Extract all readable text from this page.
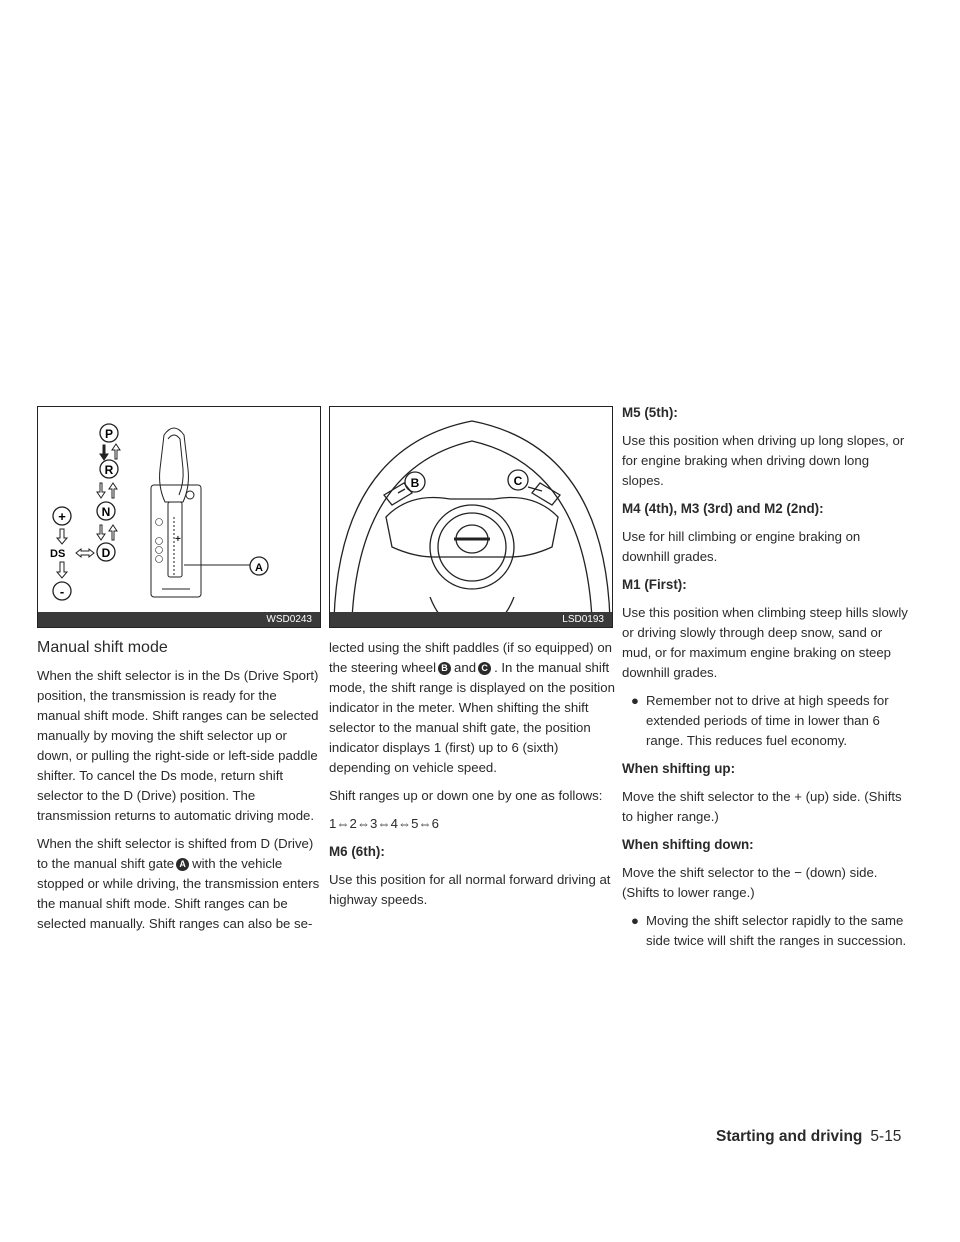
P
R
N
D
+
-
DS
A
+
WSD0243
Manual shift mode

When the shift selector is in the Ds (Drive Sport) position, the transmission is ready for the manual shift mode. Shift ranges can be selected manually by moving the shift selector up or down, or pulling the right-side or left-side paddle shifter. To cancel the Ds mode, return shift selector to the D (Drive) position. The transmission returns to automatic driving mode.

When the shift selector is shifted from D (Drive) to the manual shift gate A with the vehicle stopped or while driving, the transmission enters the manual shift mode. Shift ranges can be selected manually. Shift ranges can also be se-

B	C
LSD0193

lected using the shift paddles (if so equipped) on the steering wheel B and C . In the manual shift mode, the shift range is displayed on the position indicator in the meter. When shifting the shift selector to the manual shift gate, the position indicator displays 1 (first) up to 6 (sixth) depending on vehicle speed.

Shift ranges up or down one by one as follows:

1⇔2⇔3⇔4⇔5⇔6

M6 (6th):

Use this position for all normal forward driving at highway speeds.

M5 (5th):

Use this position when driving up long slopes, or for engine braking when driving down long slopes.

M4 (4th), M3 (3rd) and M2 (2nd):

Use for hill climbing or engine braking on downhill grades.

M1 (First):

Use this position when climbing steep hills slowly or driving slowly through deep snow, sand or mud, or for maximum engine braking on steep downhill grades.

● Remember not to drive at high speeds for extended periods of time in lower than 6 range. This reduces fuel economy.
When shifting up:

Move the shift selector to the + (up) side. (Shifts to higher range.)

When shifting down:

Move the shift selector to the − (down) side. (Shifts to lower range.)

● Moving the shift selector rapidly to the same side twice will shift the ranges in succession.
Starting and driving 5-15
